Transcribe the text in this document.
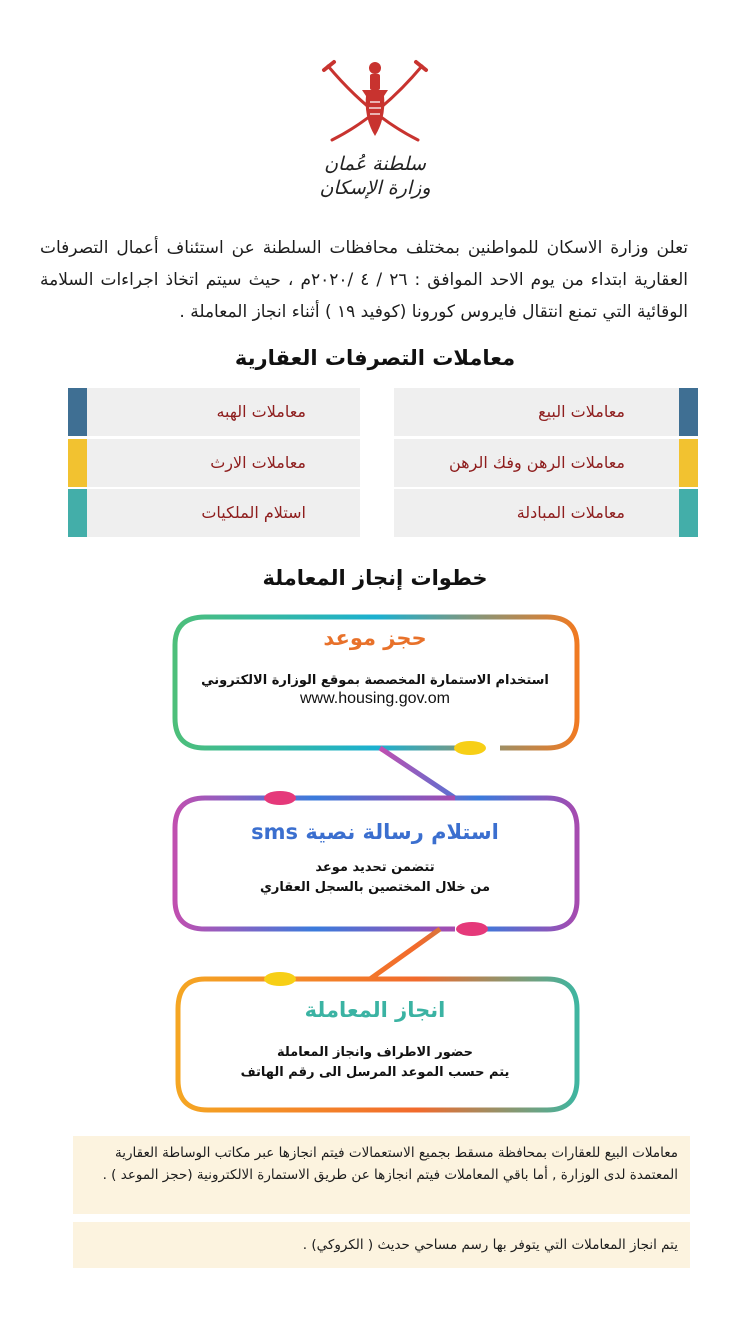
سلطنة عُمان
وزارة الإسكان

تعلن وزارة الاسكان للمواطنين بمختلف محافظات السلطنة عن استئناف أعمال التصرفات العقارية ابتداء من يوم الاحد الموافق : ٢٦ / ٤ /٢٠٢٠م ، حيث سيتم اتخاذ اجراءات السلامة الوقائية التي تمنع انتقال فايروس كورونا (كوفيد ١٩ ) أثناء انجاز المعاملة .

معاملات التصرفات العقارية
معاملات البيع
معاملات الرهن وفك الرهن
معاملات المبادلة
معاملات الهبه
معاملات الارث
استلام الملكيات
خطوات إنجاز المعاملة
حجز موعد
استخدام الاستمارة المخصصة بموقع الوزارة الالكتروني
www.housing.gov.om
استلام رسالة نصية sms
تتضمن تحديد موعد
من خلال المختصين بالسجل العقاري
انجاز المعاملة
حضور الاطراف وانجاز المعاملة
يتم حسب الموعد المرسل الى رقم الهاتف
معاملات البيع للعقارات بمحافظة مسقط بجميع الاستعمالات فيتم انجازها عبر مكاتب الوساطة العقارية المعتمدة لدى الوزارة , أما باقي المعاملات فيتم انجازها عن طريق الاستمارة الالكترونية (حجز الموعد ) .
يتم انجاز المعاملات التي يتوفر بها رسم مساحي حديث ( الكروكي) .
